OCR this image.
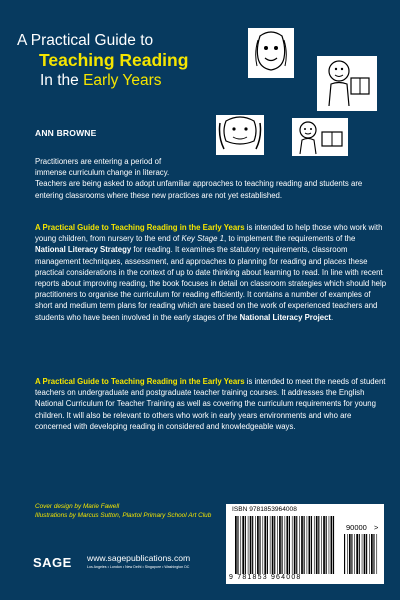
A Practical Guide to
Teaching Reading
In the Early Years
ANN BROWNE
Practitioners are entering a period of
immense curriculum change in literacy.
Teachers are being asked to adopt unfamiliar approaches to teaching reading and students are entering classrooms where these new practices are not yet established.
A Practical Guide to Teaching Reading in the Early Years is intended to help those who work with young children, from nursery to the end of Key Stage 1, to implement the requirements of the National Literacy Strategy for reading. It examines the statutory requirements, classroom management techniques, assessment, and approaches to planning for reading and places these practical considerations in the context of up to date thinking about learning to read. In line with recent reports about improving reading, the book focuses in detail on classroom strategies which should help practitioners to organise the curriculum for reading efficiently. It contains a number of examples of short and medium term plans for reading which are based on the work of experienced teachers and students who have been involved in the early stages of the National Literacy Project.
A Practical Guide to Teaching Reading in the Early Years is intended to meet the needs of student teachers on undergraduate and postgraduate teacher training courses. It addresses the English National Curriculum for Teacher Training as well as covering the curriculum requirements for young children. It will also be relevant to others who work in early years environments and who are concerned with developing reading in considered and knowledgeable ways.
Cover design by Marie Fawell
Illustrations by Marcus Sutton, Plaxtol Primary School Art Club
SAGE www.sagepublications.com
Los Angeles • London • New Delhi • Singapore • Washington DC
ISBN 9781853964008
90000 >
9 781853 964008
